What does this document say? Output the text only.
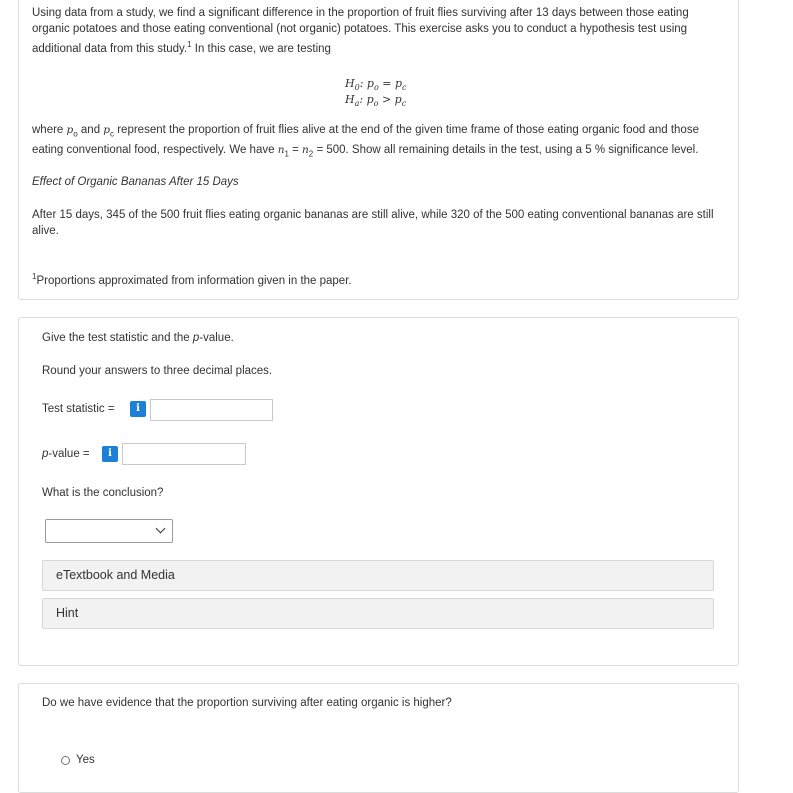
Using data from a study, we find a significant difference in the proportion of fruit flies surviving after 13 days between those eating organic potatoes and those eating conventional (not organic) potatoes. This exercise asks you to conduct a hypothesis test using additional data from this study.$^1$ In this case, we are testing
$H_0$: $p_o = p_c$
$H_a$: $p_o > p_c$
where $p_o$ and $p_c$ represent the proportion of fruit flies alive at the end of the given time frame of those eating organic food and those eating conventional food, respectively. We have $n_1 = n_2 = 500$. Show all remaining details in the test, using a 5 % significance level.
Effect of Organic Bananas After 15 Days
After 15 days, 345 of the 500 fruit flies eating organic bananas are still alive, while 320 of the 500 eating conventional bananas are still alive.
$^1$Proportions approximated from information given in the paper.
Give the test statistic and the p-value.
Round your answers to three decimal places.
Test statistic =	i
p-value =	i
What is the conclusion?
eTextbook and Media
Hint
Do we have evidence that the proportion surviving after eating organic is higher?
Yes
